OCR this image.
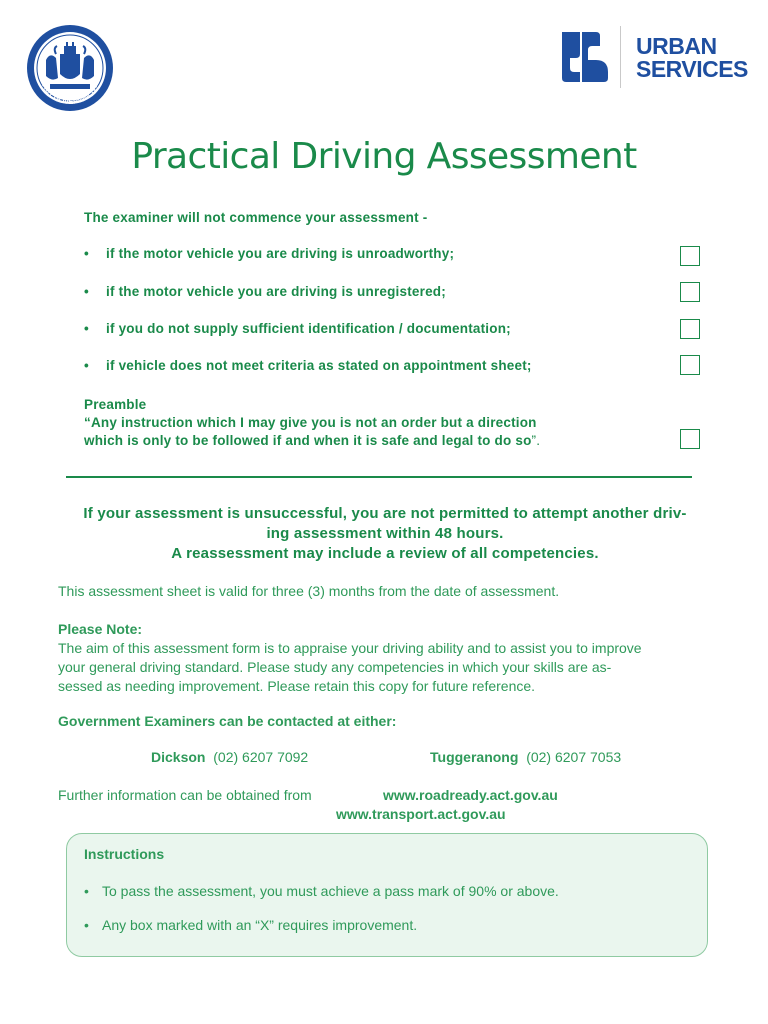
ACT GOVERNMENT
URBAN
SERVICES
Practical Driving Assessment
The examiner will not commence your assessment -
• if the motor vehicle you are driving is unroadworthy;
• if the motor vehicle you are driving is unregistered;
• if you do not supply sufficient identification / documentation;
• if vehicle does not meet criteria as stated on appointment sheet;
Preamble
“Any instruction which I may give you is not an order but a direction
which is only to be followed if and when it is safe and legal to do so”.
If your assessment is unsuccessful, you are not permitted to attempt another driv-
ing assessment within 48 hours.
A reassessment may include a review of all competencies.
This assessment sheet is valid for three (3) months from the date of assessment.
Please Note:
The aim of this assessment form is to appraise your driving ability and to assist you to improve
your general driving standard. Please study any competencies in which your skills are as-
sessed as needing improvement. Please retain this copy for future reference.
Government Examiners can be contacted at either:
Dickson (02) 6207 7092	Tuggeranong (02) 6207 7053
Further information can be obtained from	www.roadready.act.gov.au
www.transport.act.gov.au
Instructions
• To pass the assessment, you must achieve a pass mark of 90% or above.
• Any box marked with an “X” requires improvement.
